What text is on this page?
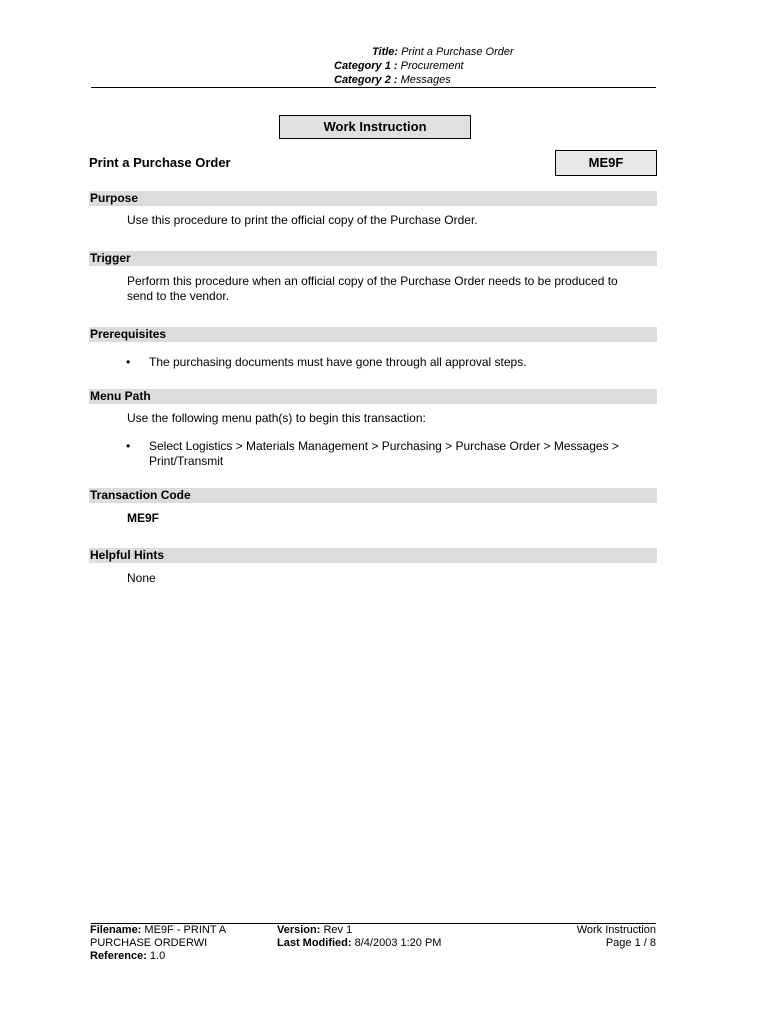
Title: Print a Purchase Order
Category 1 : Procurement
Category 2 : Messages
Work Instruction
Print a Purchase Order	ME9F
Purpose
Use this procedure to print the official copy of the Purchase Order.
Trigger
Perform this procedure when an official copy of the Purchase Order needs to be produced to
send to the vendor.
Prerequisites
• The purchasing documents must have gone through all approval steps.
Menu Path
Use the following menu path(s) to begin this transaction:
• Select Logistics > Materials Management > Purchasing > Purchase Order > Messages >
Print/Transmit
Transaction Code
ME9F
Helpful Hints
None
Filename: ME9F - PRINT A
PURCHASE ORDERWI
Reference: 1.0
Version: Rev 1
Last Modified: 8/4/2003 1:20 PM
Work Instruction
Page 1 / 8
